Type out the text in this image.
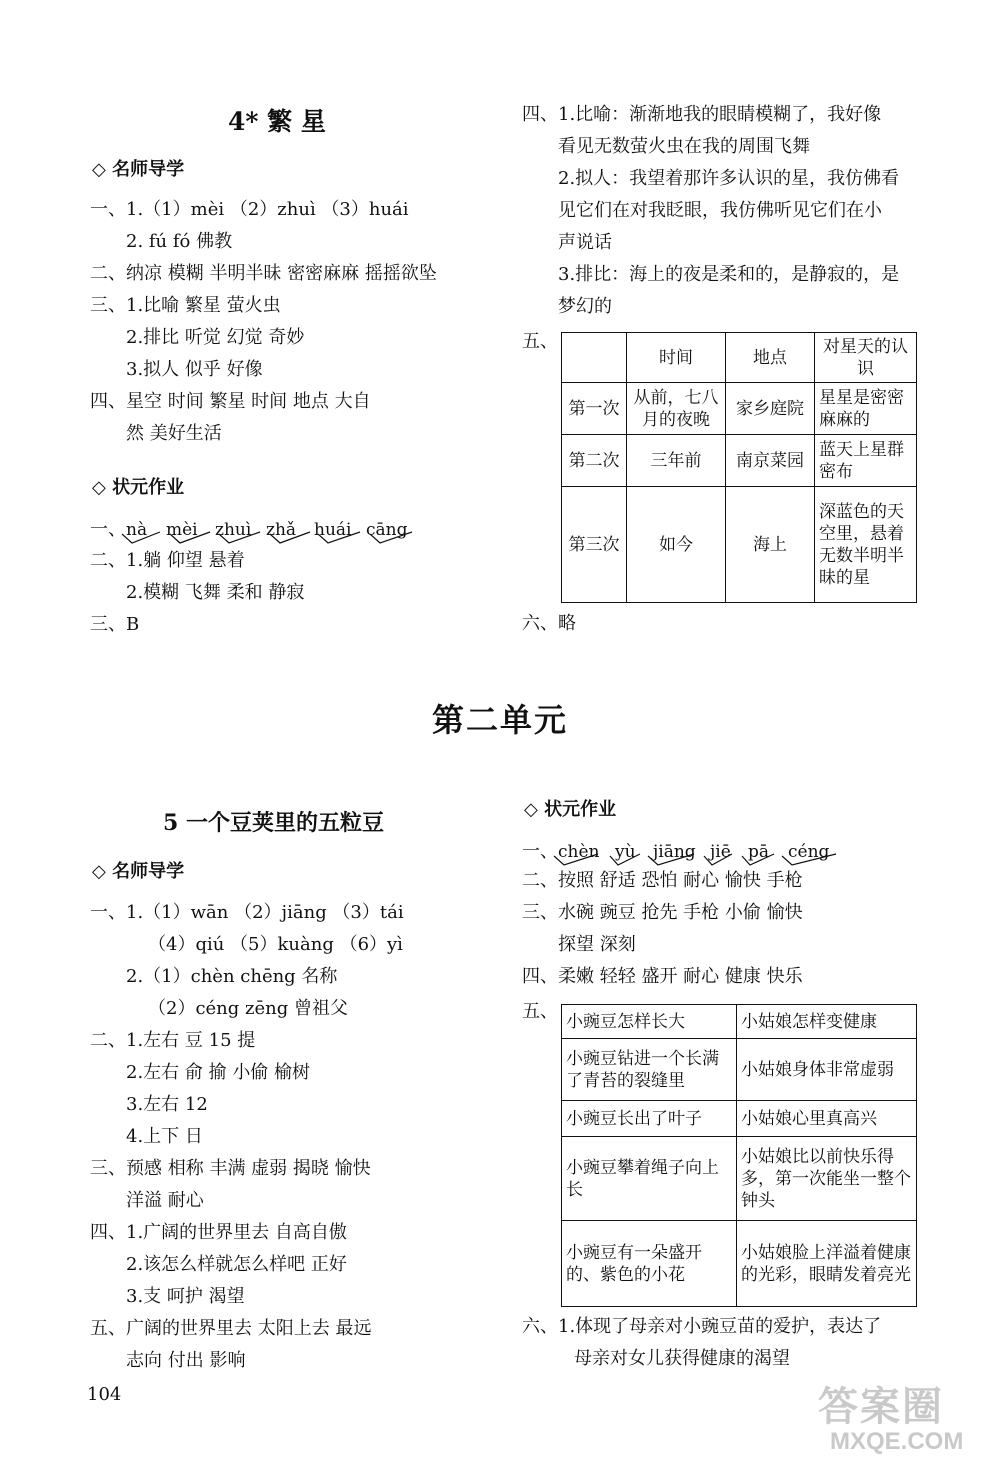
4* 繁 星
◇ 名师导学
一、1.（1）mèi （2）zhuì （3）huái
2. fú fó 佛教
二、纳凉 模糊 半明半昧 密密麻麻 摇摇欲坠
三、1.比喻 繁星 萤火虫
2.排比 听觉 幻觉 奇妙
3.拟人 似乎 好像
四、星空 时间 繁星 时间 地点 大自
然 美好生活
◇ 状元作业
一、 nà mèi zhuì zhǎ huái cāng
二、1.躺 仰望 悬着
2.模糊 飞舞 柔和 静寂
三、B
四、1.比喻：渐渐地我的眼睛模糊了，我好像
看见无数萤火虫在我的周围飞舞
2.拟人：我望着那许多认识的星，我仿佛看
见它们在对我眨眼，我仿佛听见它们在小
声说话
3.排比：海上的夜是柔和的，是静寂的，是
梦幻的
五、
	时间	地点	对星天的认识
第一次	从前，七八月的夜晚	家乡庭院	星星是密密麻麻的
第二次	三年前	南京菜园	蓝天上星群密布
第三次	如今	海上	深蓝色的天空里，悬着无数半明半昧的星
六、略
第二单元
5 一个豆荚里的五粒豆
◇ 名师导学
一、1.（1）wān （2）jiāng （3）tái
（4）qiú （5）kuàng （6）yì
2.（1）chèn chēng 名称
（2）céng zēng 曾祖父
二、1.左右 豆 15 提
2.左右 俞 揄 小偷 榆树
3.左右 12
4.上下 日
三、预感 相称 丰满 虚弱 揭晓 愉快
洋溢 耐心
四、1.广阔的世界里去 自高自傲
2.该怎么样就怎么样吧 正好
3.支 呵护 渴望
五、广阔的世界里去 太阳上去 最远
志向 付出 影响
◇ 状元作业
一、 chèn yù jiāng jiē pā céng
二、按照 舒适 恐怕 耐心 愉快 手枪
三、水碗 豌豆 抢先 手枪 小偷 愉快
探望 深刻
四、柔嫩 轻轻 盛开 耐心 健康 快乐
五、 小豌豆怎样长大	小姑娘怎样变健康
小豌豆钻进一个长满了青苔的裂缝里	小姑娘身体非常虚弱
小豌豆长出了叶子	小姑娘心里真高兴
小豌豆攀着绳子向上长	小姑娘比以前快乐得多，第一次能坐一整个钟头
小豌豆有一朵盛开的、紫色的小花	小姑娘脸上洋溢着健康的光彩，眼睛发着亮光
六、1.体现了母亲对小豌豆苗的爱护，表达了
母亲对女儿获得健康的渴望
104	答案圈
MXQE.COM
